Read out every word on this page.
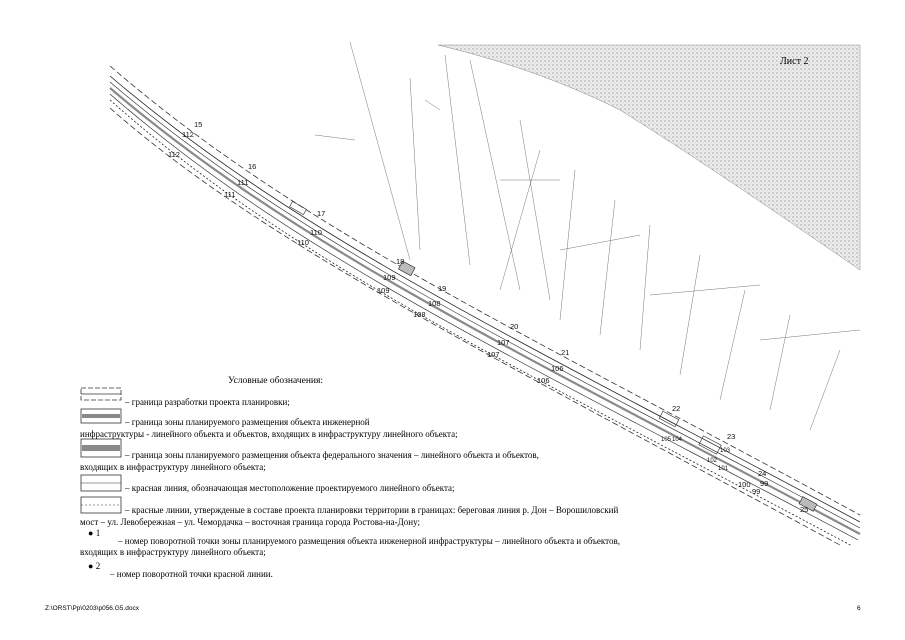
15
112
112
16
111
111
17
110
110
18
109
109	19
108
108
20
107
107	21
106
106
22
105 104	23
102
101
103
24
100 99
99
25
Лист 2
Условные обозначения:
– граница разработки проекта планировки;
– граница зоны планируемого размещения объекта инженерной
инфраструктуры - линейного объекта и объектов, входящих в инфраструктуру линейного объекта;
– граница зоны планируемого размещения объекта федерального значения – линейного объекта и объектов,
входящих в инфраструктуру линейного объекта;
– красная линия, обозначающая местоположение проектируемого линейного объекта;
– красные линии, утвержденые в составе проекта планировки территории в границах: береговая линия р. Дон – Ворошиловский
мост – ул. Левобережная – ул. Чемордачка – восточная граница города Ростова-на-Дону;
● 1
– номер поворотной точки зоны планируемого размещения объекта инженерной инфраструктуры – линейного объекта и объектов,
входящих в инфраструктуру линейного объекта;
● 2
– номер поворотной точки красной линии.
Z:\ORST\Pp\0203\p056.G5.docx	6
